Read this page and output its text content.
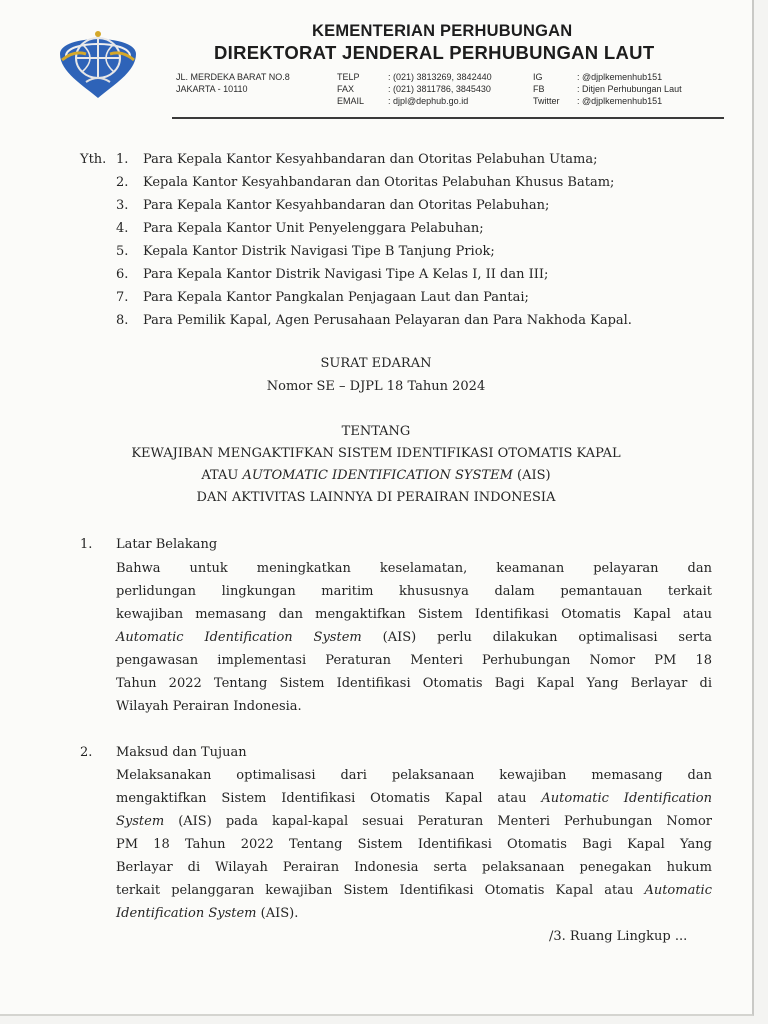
KEMENTERIAN PERHUBUNGAN
DIREKTORAT JENDERAL PERHUBUNGAN LAUT
JL. MERDEKA BARAT NO.8
JAKARTA - 10110
TELP	: (021) 3813269, 3842440
FAX	: (021) 3811786, 3845430
EMAIL	: djpl@dephub.go.id
IG	: @djplkemenhub151
FB	: Ditjen Perhubungan Laut
Twitter : @djplkemenhub151
Yth. 1. Para Kepala Kantor Kesyahbandaran dan Otoritas Pelabuhan Utama;
2. Kepala Kantor Kesyahbandaran dan Otoritas Pelabuhan Khusus Batam;
3. Para Kepala Kantor Kesyahbandaran dan Otoritas Pelabuhan;
4. Para Kepala Kantor Unit Penyelenggara Pelabuhan;
5. Kepala Kantor Distrik Navigasi Tipe B Tanjung Priok;
6. Para Kepala Kantor Distrik Navigasi Tipe A Kelas I, II dan III;
7. Para Kepala Kantor Pangkalan Penjagaan Laut dan Pantai;
8. Para Pemilik Kapal, Agen Perusahaan Pelayaran dan Para Nakhoda Kapal.
SURAT EDARAN
Nomor SE – DJPL 18 Tahun 2024
TENTANG
KEWAJIBAN MENGAKTIFKAN SISTEM IDENTIFIKASI OTOMATIS KAPAL
ATAU AUTOMATIC IDENTIFICATION SYSTEM (AIS)
DAN AKTIVITAS LAINNYA DI PERAIRAN INDONESIA
1. Latar Belakang
Bahwa untuk meningkatkan keselamatan, keamanan pelayaran dan
perlidungan lingkungan maritim khususnya dalam pemantauan terkait
kewajiban memasang dan mengaktifkan Sistem Identifikasi Otomatis Kapal atau
Automatic Identification System (AIS) perlu dilakukan optimalisasi serta
pengawasan implementasi Peraturan Menteri Perhubungan Nomor PM 18
Tahun 2022 Tentang Sistem Identifikasi Otomatis Bagi Kapal Yang Berlayar di
Wilayah Perairan Indonesia.
2. Maksud dan Tujuan
Melaksanakan optimalisasi dari pelaksanaan kewajiban memasang dan
mengaktifkan Sistem Identifikasi Otomatis Kapal atau Automatic Identification
System (AIS) pada kapal-kapal sesuai Peraturan Menteri Perhubungan Nomor
PM 18 Tahun 2022 Tentang Sistem Identifikasi Otomatis Bagi Kapal Yang
Berlayar di Wilayah Perairan Indonesia serta pelaksanaan penegakan hukum
terkait pelanggaran kewajiban Sistem Identifikasi Otomatis Kapal atau Automatic
Identification System (AIS).
/3. Ruang Lingkup ...
